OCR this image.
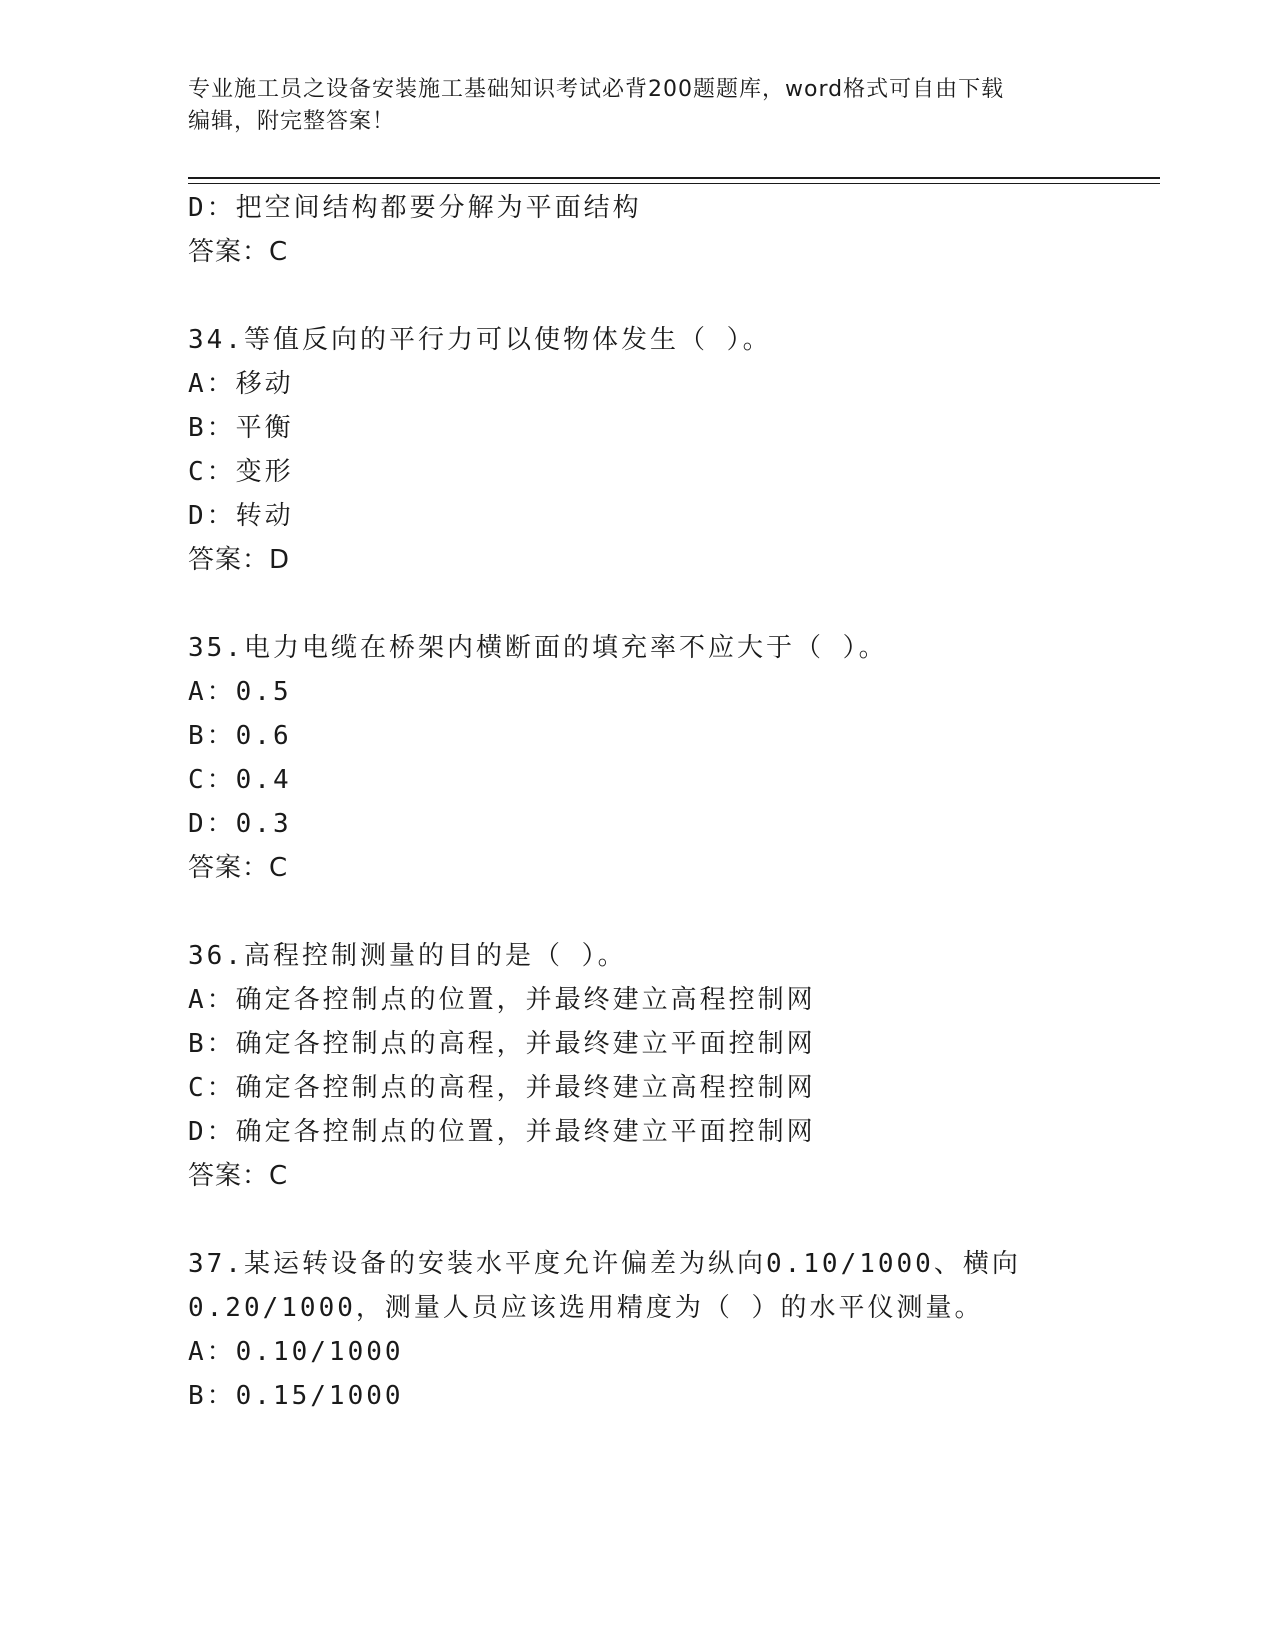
专业施工员之设备安装施工基础知识考试必背200题题库，word格式可自由下载
编辑，附完整答案！
D：把空间结构都要分解为平面结构
答案：C
34.等值反向的平行力可以使物体发生（ ）。
A：移动
B：平衡
C：变形
D：转动
答案：D
35.电力电缆在桥架内横断面的填充率不应大于（ ）。
A：0.5
B：0.6
C：0.4
D：0.3
答案：C
36.高程控制测量的目的是（ ）。
A：确定各控制点的位置，并最终建立高程控制网
B：确定各控制点的高程，并最终建立平面控制网
C：确定各控制点的高程，并最终建立高程控制网
D：确定各控制点的位置，并最终建立平面控制网
答案：C
37.某运转设备的安装水平度允许偏差为纵向0.10/1000、横向
0.20/1000，测量人员应该选用精度为（ ）的水平仪测量。
A：0.10/1000
B：0.15/1000
